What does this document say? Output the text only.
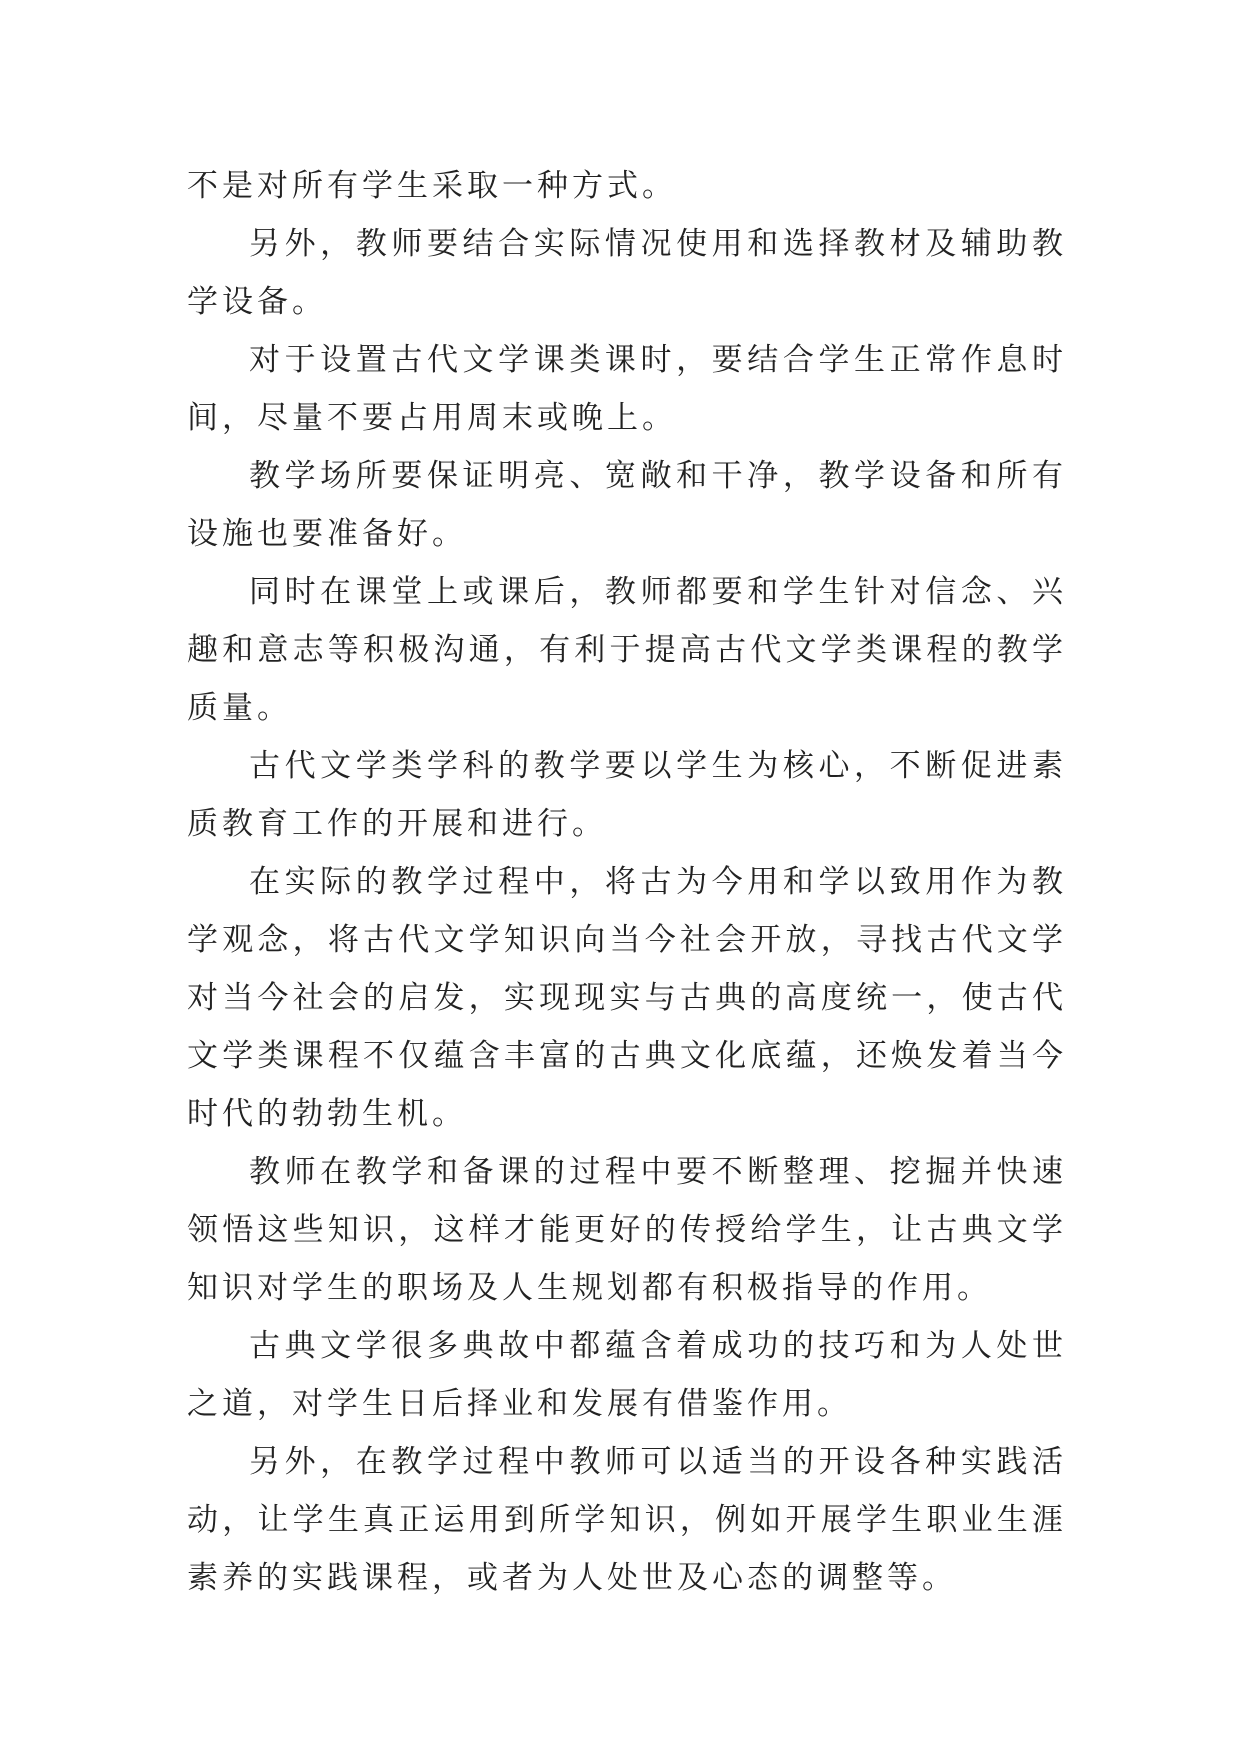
不是对所有学生采取一种方式。

另外，教师要结合实际情况使用和选择教材及辅助教学设备。

对于设置古代文学课类课时，要结合学生正常作息时间，尽量不要占用周末或晚上。

教学场所要保证明亮、宽敞和干净，教学设备和所有设施也要准备好。

同时在课堂上或课后，教师都要和学生针对信念、兴趣和意志等积极沟通，有利于提高古代文学类课程的教学质量。

古代文学类学科的教学要以学生为核心，不断促进素质教育工作的开展和进行。

在实际的教学过程中，将古为今用和学以致用作为教学观念，将古代文学知识向当今社会开放，寻找古代文学对当今社会的启发，实现现实与古典的高度统一，使古代文学类课程不仅蕴含丰富的古典文化底蕴，还焕发着当今时代的勃勃生机。

教师在教学和备课的过程中要不断整理、挖掘并快速领悟这些知识，这样才能更好的传授给学生，让古典文学知识对学生的职场及人生规划都有积极指导的作用。

古典文学很多典故中都蕴含着成功的技巧和为人处世之道，对学生日后择业和发展有借鉴作用。

另外，在教学过程中教师可以适当的开设各种实践活动，让学生真正运用到所学知识，例如开展学生职业生涯素养的实践课程，或者为人处世及心态的调整等。
